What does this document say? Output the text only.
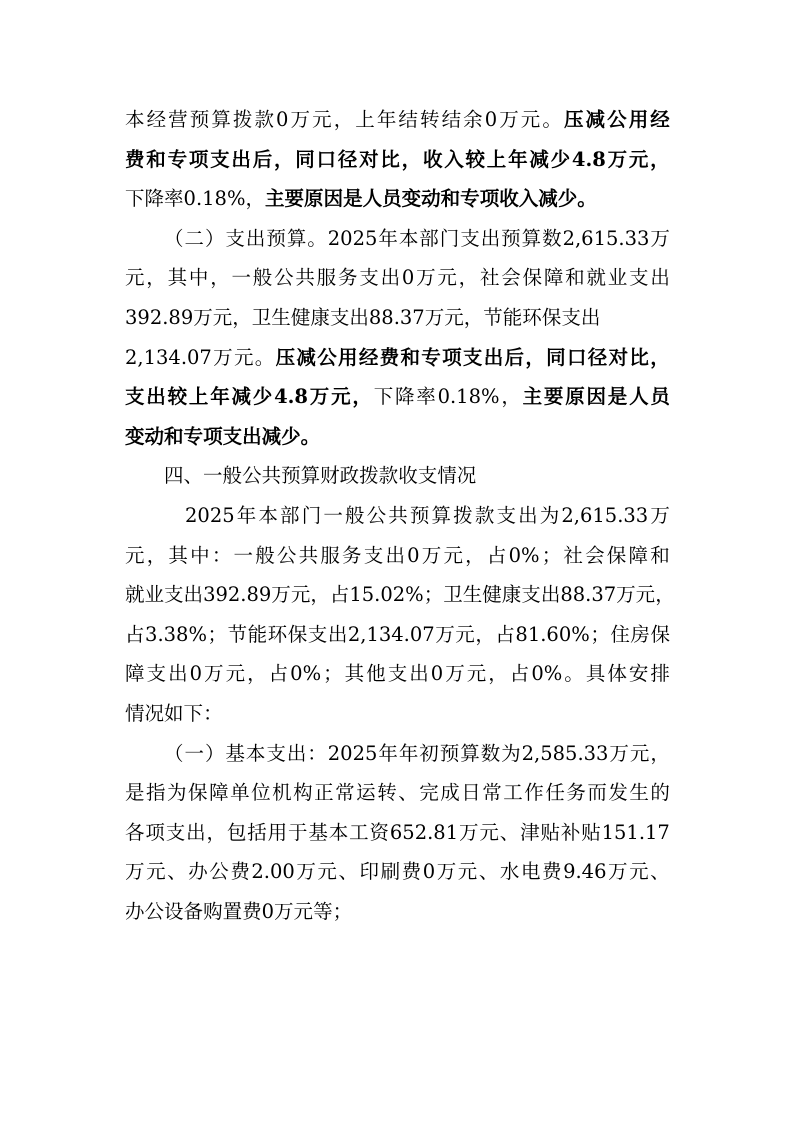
本 经 营 预 算 拨 款 0 万 元 ， 上 年 结 转 结 余 0 万 元 。 压 减 公 用 经
费 和 专 项 支 出 后 ， 同 口 径 对 比 ， 收 入 较 上 年 减 少 4.8 万 元 ，
下 降 率 0.18% ， 主 要 原 因 是 人 员 变 动 和 专 项 收 入 减 少 。
（ 二 ） 支 出 预 算 。 2025 年 本 部 门 支 出 预 算 数 2,615.33 万
元 ， 其 中 ， 一 般 公 共 服 务 支 出 0 万 元 ， 社 会 保 障 和 就 业 支 出
392.89 万 元 ， 卫 生 健 康 支 出 88.37 万 元 ， 节 能 环 保 支 出
2,134.07 万 元 。 压 减 公 用 经 费 和 专 项 支 出 后 ， 同 口 径 对 比 ，
支 出 较 上 年 减 少 4.8 万 元 ， 下 降 率 0.18% ， 主 要 原 因 是 人 员
变 动 和 专 项 支 出 减 少 。
四 、 一 般 公 共 预 算 财 政 拨 款 收 支 情 况
2025 年 本 部 门 一 般 公 共 预 算 拨 款 支 出 为 2,615.33 万
元 ， 其 中 ： 一 般 公 共 服 务 支 出 0 万 元 ， 占 0% ； 社 会 保 障 和
就 业 支 出 392.89 万 元 ， 占 15.02% ； 卫 生 健 康 支 出 88.37 万 元 ，
占 3.38% ； 节 能 环 保 支 出 2,134.07 万 元 ， 占 81.60% ； 住 房 保
障 支 出 0 万 元 ， 占 0% ； 其 他 支 出 0 万 元 ， 占 0% 。 具 体 安 排
情 况 如 下 ：
（ 一 ） 基 本 支 出 ： 2025 年 年 初 预 算 数 为 2,585.33 万 元 ，
是 指 为 保 障 单 位 机 构 正 常 运 转 、 完 成 日 常 工 作 任 务 而 发 生 的
各 项 支 出 ， 包 括 用 于 基 本 工 资 652.81 万 元 、 津 贴 补 贴 151.17
万 元 、 办 公 费 2.00 万 元 、 印 刷 费 0 万 元 、 水 电 费 9.46 万 元 、
办 公 设 备 购 置 费 0 万 元 等 ；
